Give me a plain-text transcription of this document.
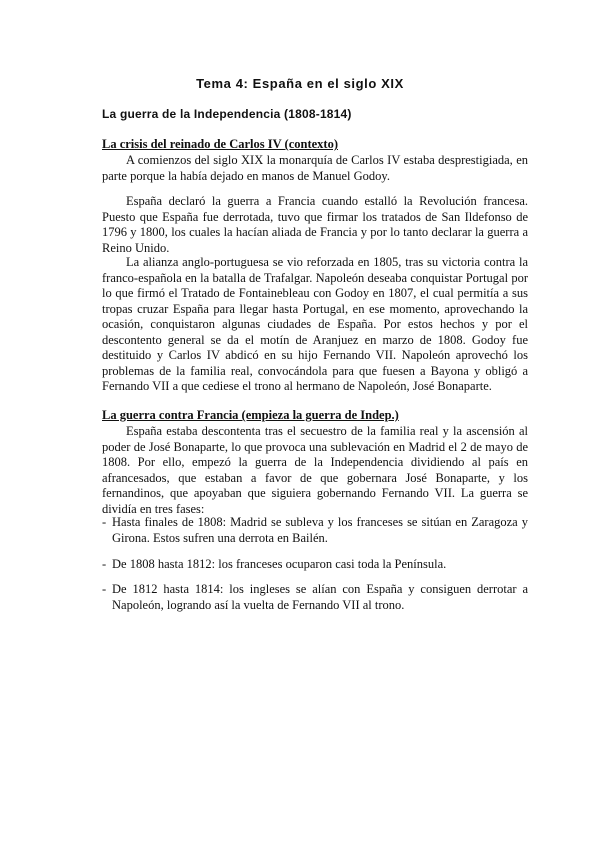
Tema 4: España en el siglo XIX
La guerra de la Independencia (1808-1814)
La crisis del reinado de Carlos IV (contexto)

A comienzos del siglo XIX la monarquía de Carlos IV estaba desprestigiada, en parte porque la había dejado en manos de Manuel Godoy.

España declaró la guerra a Francia cuando estalló la Revolución francesa. Puesto que España fue derrotada, tuvo que firmar los tratados de San Ildefonso de 1796 y 1800, los cuales la hacían aliada de Francia y por lo tanto declarar la guerra a Reino Unido.

La alianza anglo-portuguesa se vio reforzada en 1805, tras su victoria contra la franco-española en la batalla de Trafalgar. Napoleón deseaba conquistar Portugal por lo que firmó el Tratado de Fontainebleau con Godoy en 1807, el cual permitía a sus tropas cruzar España para llegar hasta Portugal, en ese momento, aprovechando la ocasión, conquistaron algunas ciudades de España. Por estos hechos y por el descontento general se da el motín de Aranjuez en marzo de 1808. Godoy fue destituido y Carlos IV abdicó en su hijo Fernando VII. Napoleón aprovechó los problemas de la familia real, convocándola para que fuesen a Bayona y obligó a Fernando VII a que cediese el trono al hermano de Napoleón, José Bonaparte.

La guerra contra Francia (empieza la guerra de Indep.)

España estaba descontenta tras el secuestro de la familia real y la ascensión al poder de José Bonaparte, lo que provoca una sublevación en Madrid el 2 de mayo de 1808. Por ello, empezó la guerra de la Independencia dividiendo al país en afrancesados, que estaban a favor de que gobernara José Bonaparte, y los fernandinos, que apoyaban que siguiera gobernando Fernando VII. La guerra se dividía en tres fases:

- Hasta finales de 1808: Madrid se subleva y los franceses se sitúan en Zaragoza y Girona. Estos sufren una derrota en Bailén.
- De 1808 hasta 1812: los franceses ocuparon casi toda la Península.
- De 1812 hasta 1814: los ingleses se alían con España y consiguen derrotar a Napoleón, logrando así la vuelta de Fernando VII al trono.
